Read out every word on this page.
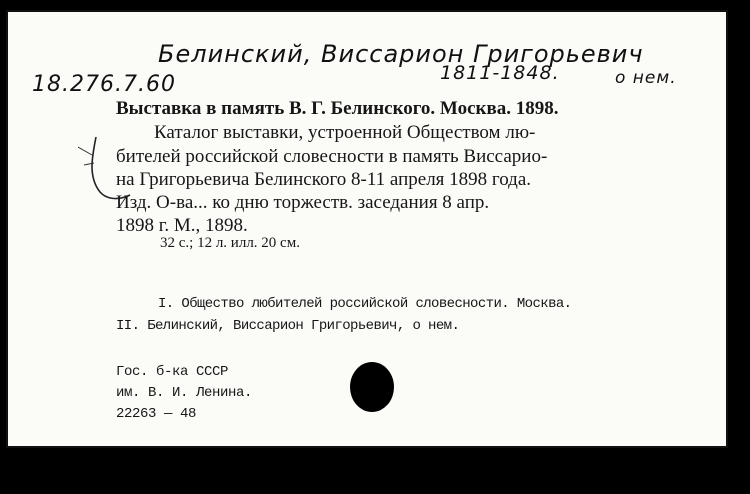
Белинский, Виссарион Григорьевич
1811-1848.	о нем.
18.276.7.60
Выставка в память В. Г. Белинского. Москва. 1898.
Каталог выставки, устроенной Обществом лю-
бителей российской словесности в память Виссарио-
на Григорьевича Белинского 8-11 апреля 1898 года.
Изд. О-ва... ко дню торжеств. заседания 8 апр.
1898 г. М., 1898.
32 с.; 12 л. илл. 20 см.
I. Общество любителей российской словесности. Москва.
II. Белинский, Виссарион Григорьевич, о нем.
Гос. б-ка СССР
им. В. И. Ленина.
22263 — 48
